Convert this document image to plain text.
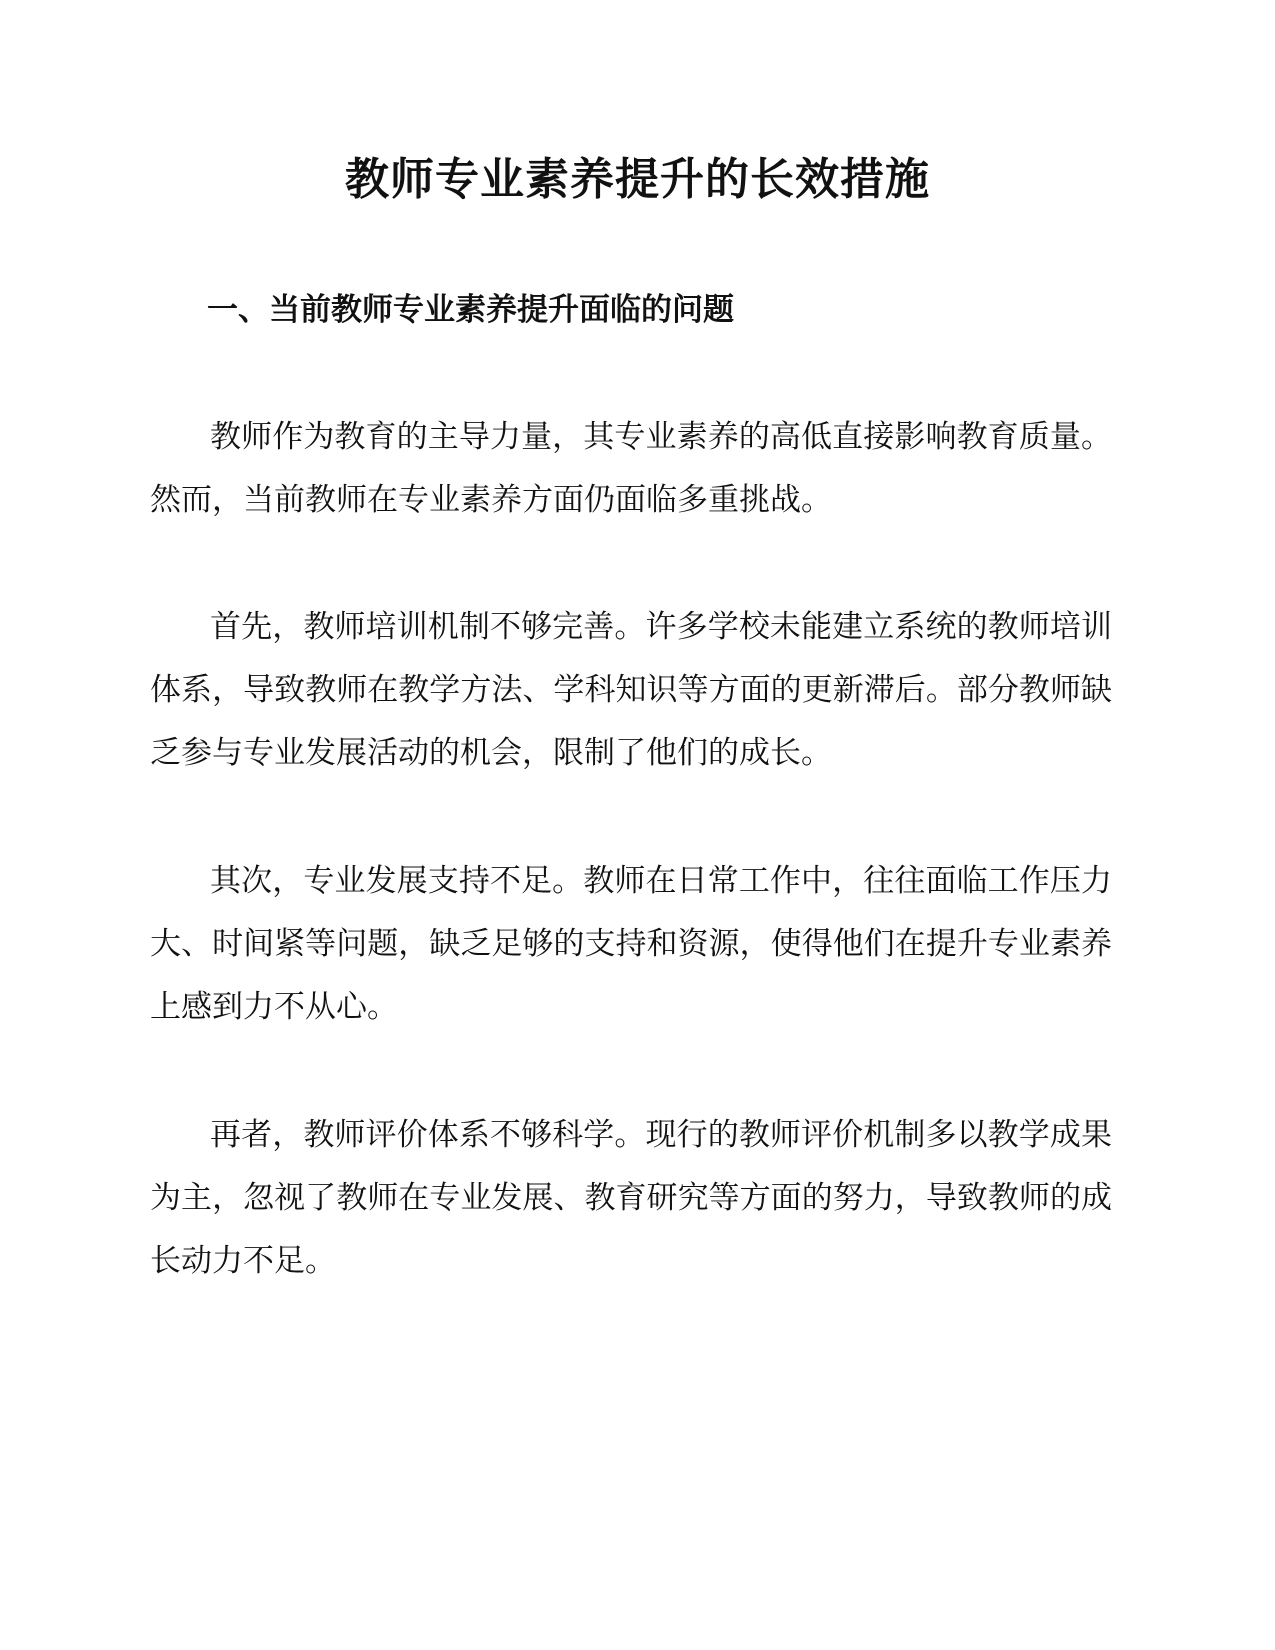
教师专业素养提升的长效措施
一、当前教师专业素养提升面临的问题

教师作为教育的主导力量，其专业素养的高低直接影响教育质量。然而，当前教师在专业素养方面仍面临多重挑战。

首先，教师培训机制不够完善。许多学校未能建立系统的教师培训体系，导致教师在教学方法、学科知识等方面的更新滞后。部分教师缺乏参与专业发展活动的机会，限制了他们的成长。

其次，专业发展支持不足。教师在日常工作中，往往面临工作压力大、时间紧等问题，缺乏足够的支持和资源，使得他们在提升专业素养上感到力不从心。

再者，教师评价体系不够科学。现行的教师评价机制多以教学成果为主，忽视了教师在专业发展、教育研究等方面的努力，导致教师的成长动力不足。
